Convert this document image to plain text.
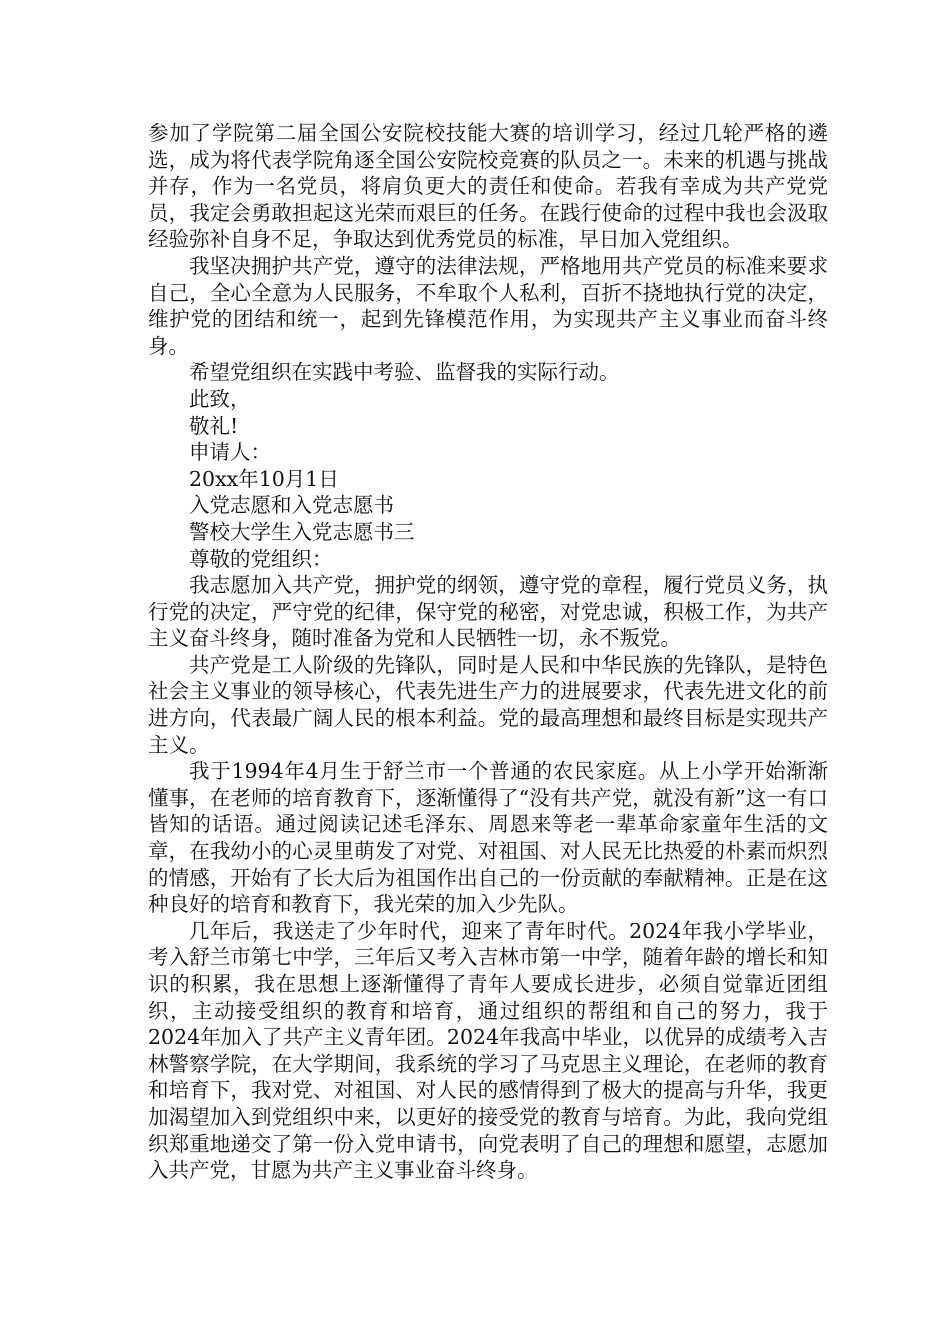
参加了学院第二届全国公安院校技能大赛的培训学习，经过几轮严格的遴选，成为将代表学院角逐全国公安院校竞赛的队员之一。未来的机遇与挑战并存，作为一名党员，将肩负更大的责任和使命。若我有幸成为共产党党员，我定会勇敢担起这光荣而艰巨的任务。在践行使命的过程中我也会汲取经验弥补自身不足，争取达到优秀党员的标准，早日加入党组织。

我坚决拥护共产党，遵守的法律法规，严格地用共产党员的标准来要求自己，全心全意为人民服务，不牟取个人私利，百折不挠地执行党的决定，维护党的团结和统一，起到先锋模范作用，为实现共产主义事业而奋斗终身。

希望党组织在实践中考验、监督我的实际行动。

此致，

敬礼!

申请人：

20xx年10月1日

入党志愿和入党志愿书

警校大学生入党志愿书三

尊敬的党组织：

我志愿加入共产党，拥护党的纲领，遵守党的章程，履行党员义务，执行党的决定，严守党的纪律，保守党的秘密，对党忠诚，积极工作，为共产主义奋斗终身，随时准备为党和人民牺牲一切，永不叛党。

共产党是工人阶级的先锋队，同时是人民和中华民族的先锋队，是特色社会主义事业的领导核心，代表先进生产力的进展要求，代表先进文化的前进方向，代表最广阔人民的根本利益。党的最高理想和最终目标是实现共产主义。

我于1994年4月生于舒兰市一个普通的农民家庭。从上小学开始渐渐懂事，在老师的培育教育下，逐渐懂得了“没有共产党，就没有新”这一有口皆知的话语。通过阅读记述毛泽东、周恩来等老一辈革命家童年生活的文章，在我幼小的心灵里萌发了对党、对祖国、对人民无比热爱的朴素而炽烈的情感，开始有了长大后为祖国作出自己的一份贡献的奉献精神。正是在这种良好的培育和教育下，我光荣的加入少先队。

几年后，我送走了少年时代，迎来了青年时代。2024年我小学毕业，考入舒兰市第七中学，三年后又考入吉林市第一中学，随着年龄的增长和知识的积累，我在思想上逐渐懂得了青年人要成长进步，必须自觉靠近团组织，主动接受组织的教育和培育，通过组织的帮组和自己的努力，我于2024年加入了共产主义青年团。2024年我高中毕业，以优异的成绩考入吉林警察学院，在大学期间，我系统的学习了马克思主义理论，在老师的教育和培育下，我对党、对祖国、对人民的感情得到了极大的提高与升华，我更加渴望加入到党组织中来，以更好的接受党的教育与培育。为此，我向党组织郑重地递交了第一份入党申请书，向党表明了自己的理想和愿望，志愿加入共产党，甘愿为共产主义事业奋斗终身。
